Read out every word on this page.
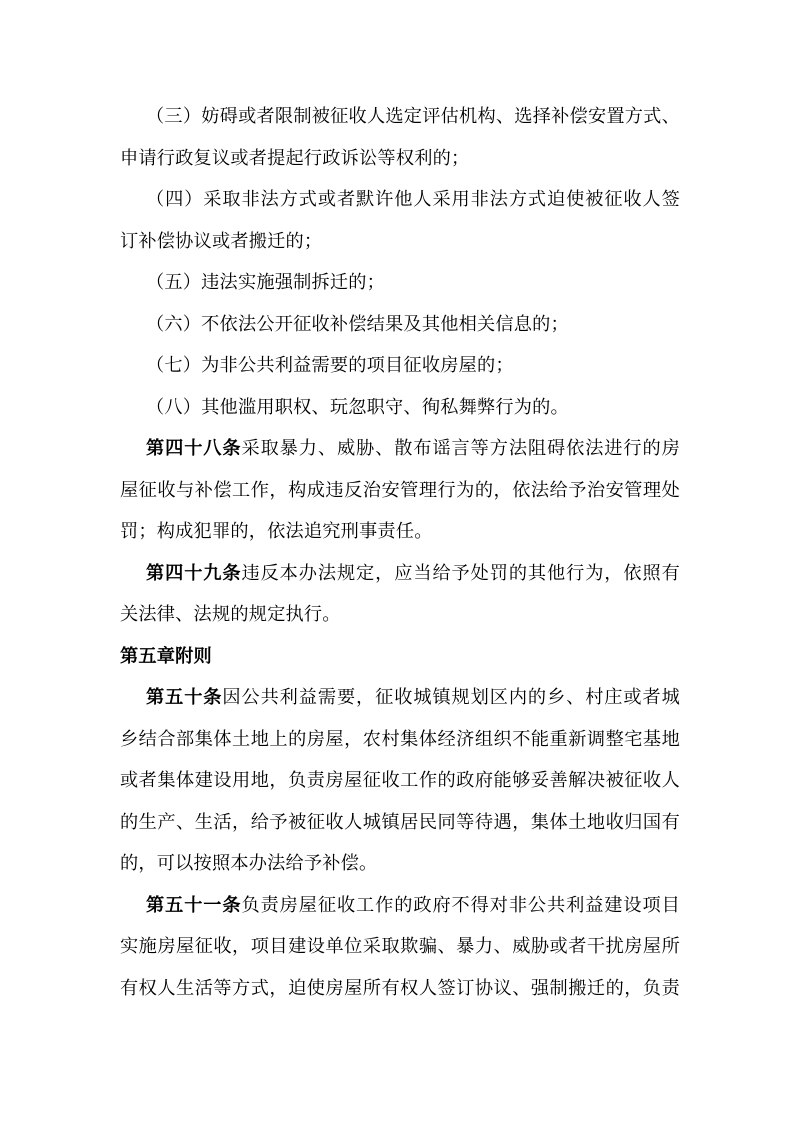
（三）妨碍或者限制被征收人选定评估机构、选择补偿安置方式、
申请行政复议或者提起行政诉讼等权利的；
（四）采取非法方式或者默许他人采用非法方式迫使被征收人签
订补偿协议或者搬迁的；
（五）违法实施强制拆迁的；
（六）不依法公开征收补偿结果及其他相关信息的；
（七）为非公共利益需要的项目征收房屋的；
（八）其他滥用职权、玩忽职守、徇私舞弊行为的。
第四十八条采取暴力、威胁、散布谣言等方法阻碍依法进行的房
屋征收与补偿工作，构成违反治安管理行为的，依法给予治安管理处
罚；构成犯罪的，依法追究刑事责任。
第四十九条违反本办法规定，应当给予处罚的其他行为，依照有
关法律、法规的规定执行。
第五章附则
第五十条因公共利益需要，征收城镇规划区内的乡、村庄或者城
乡结合部集体土地上的房屋，农村集体经济组织不能重新调整宅基地
或者集体建设用地，负责房屋征收工作的政府能够妥善解决被征收人
的生产、生活，给予被征收人城镇居民同等待遇，集体土地收归国有
的，可以按照本办法给予补偿。
第五十一条负责房屋征收工作的政府不得对非公共利益建设项目
实施房屋征收，项目建设单位采取欺骗、暴力、威胁或者干扰房屋所
有权人生活等方式，迫使房屋所有权人签订协议、强制搬迁的，负责
